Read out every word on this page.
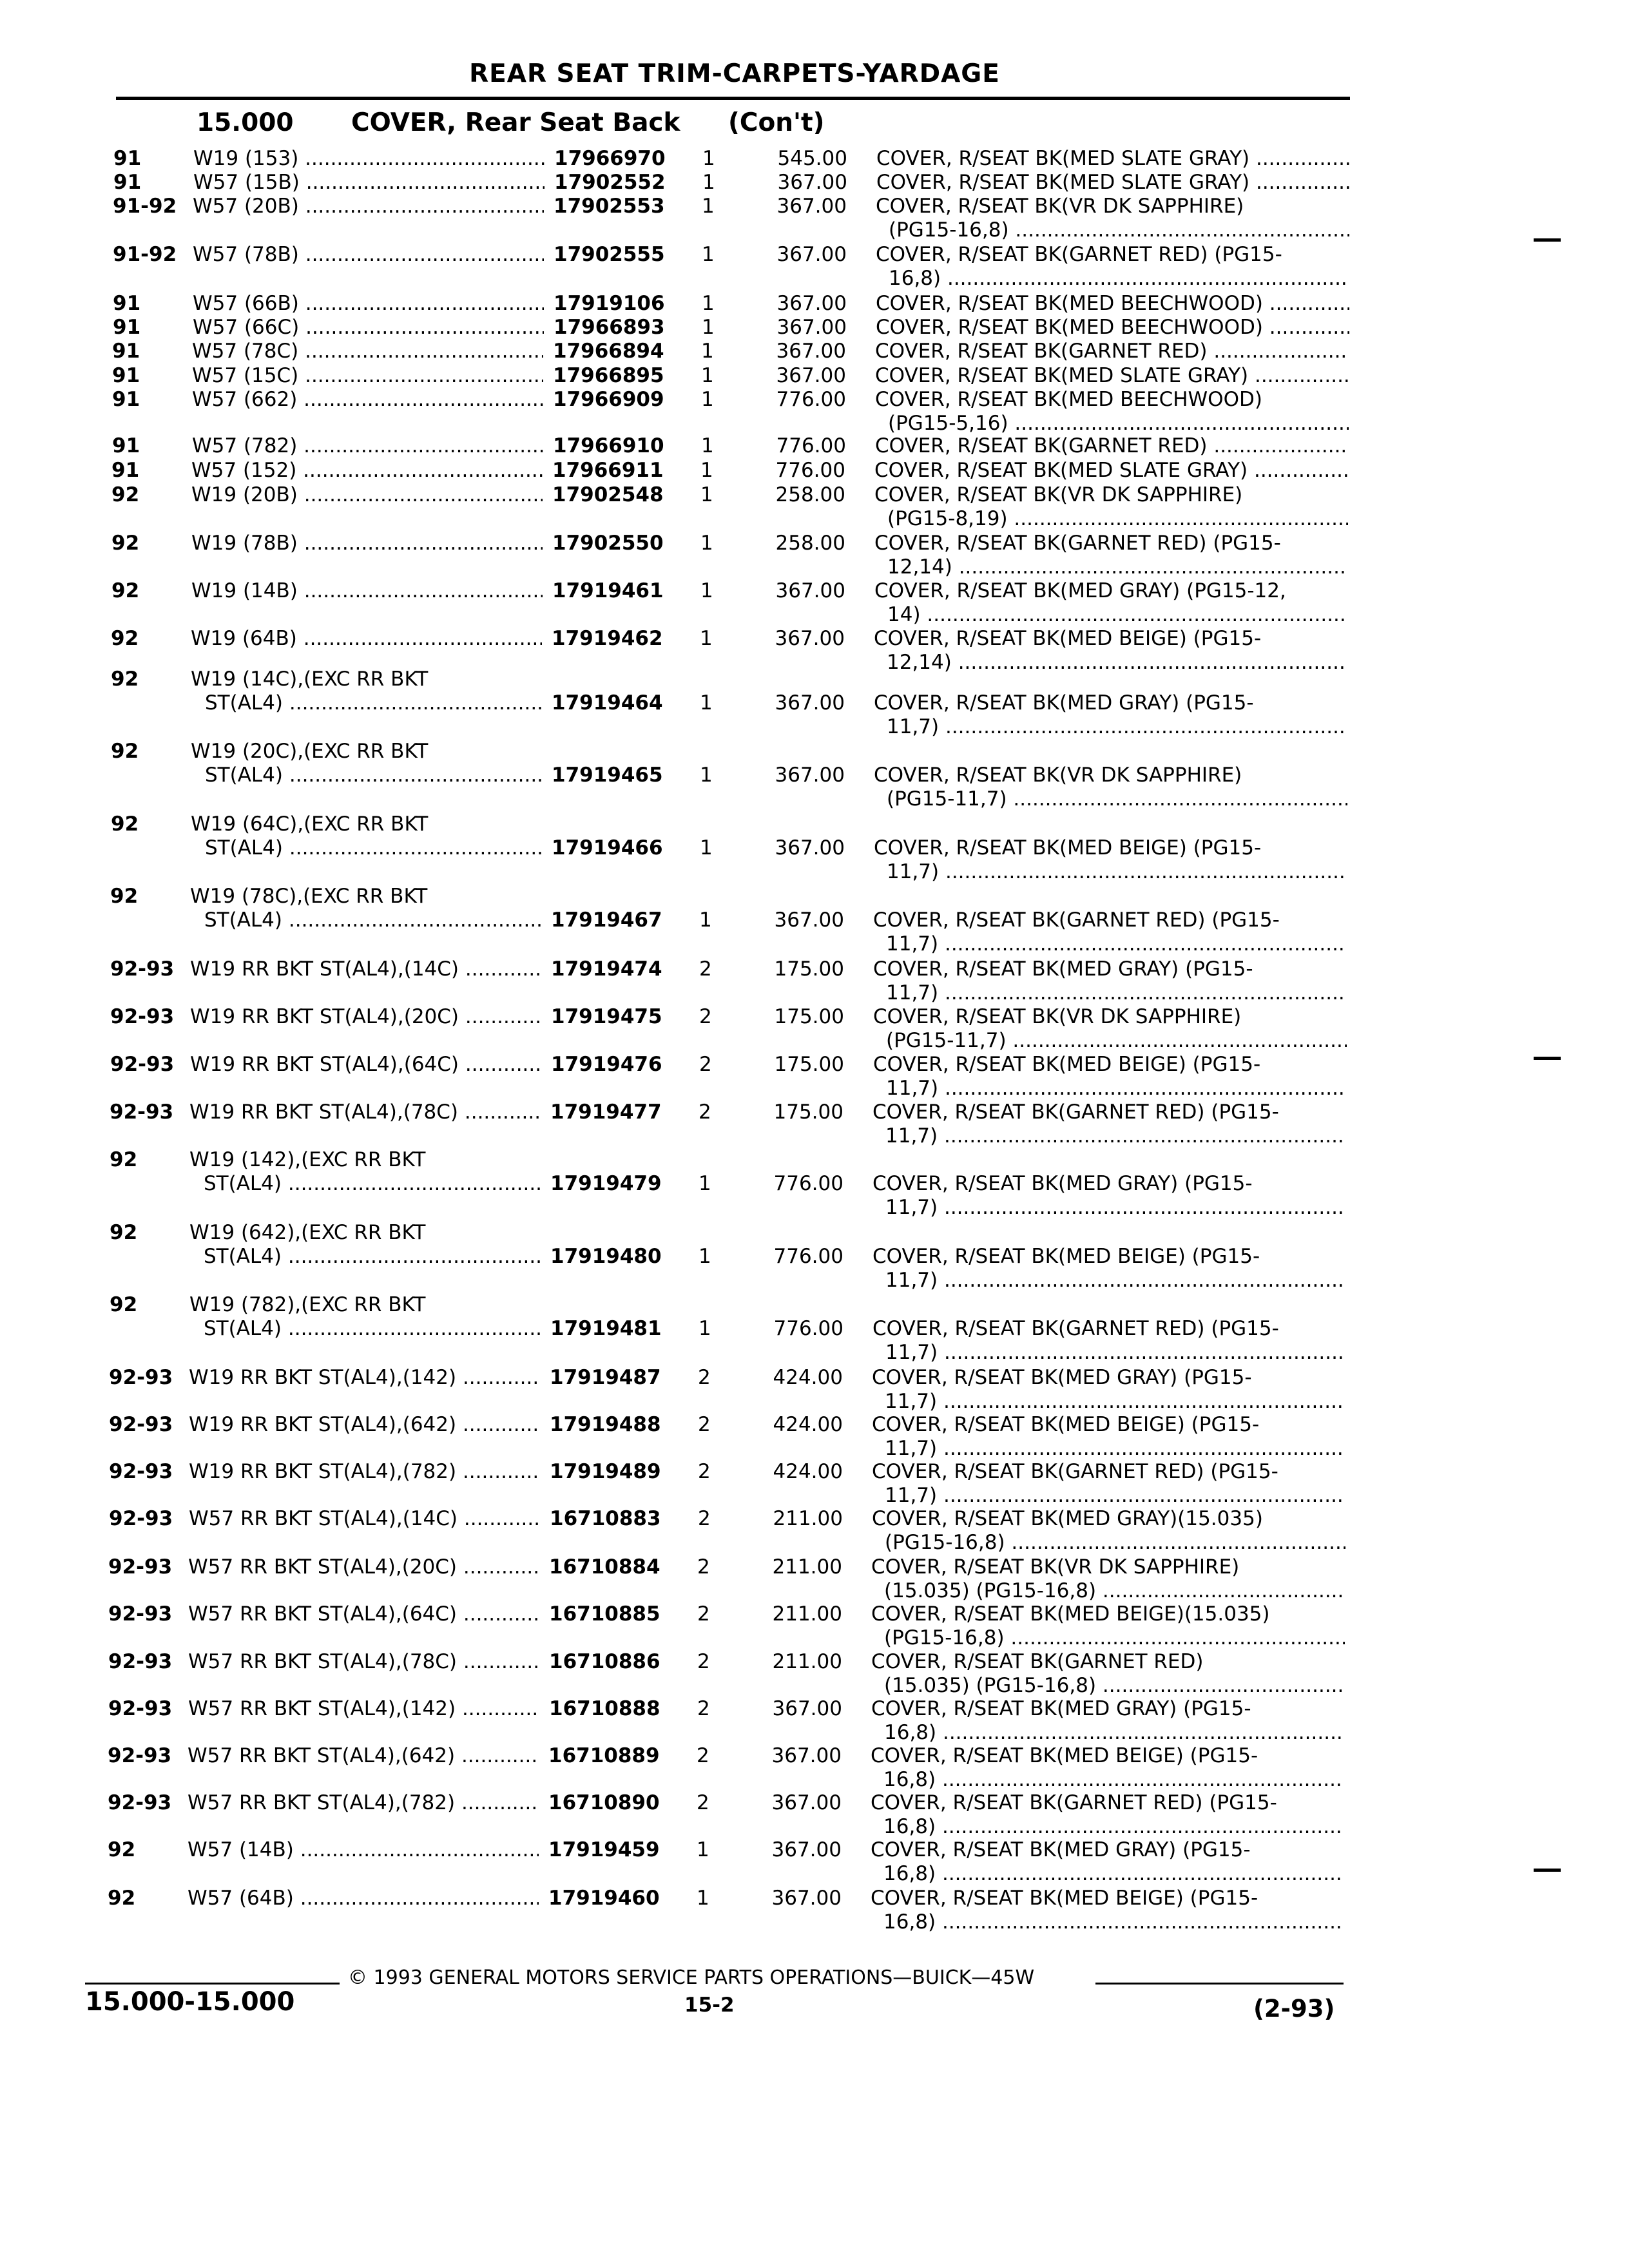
REAR SEAT TRIM-CARPETS-YARDAGE
15.000 COVER, Rear Seat Back (Con't)
91	W19 (153) .....	17966970 1	545.00 COVER, R/SEAT BK(MED SLATE GRAY) .....
91	W57 (15B) .....	17902552 1	367.00 COVER, R/SEAT BK(MED SLATE GRAY) .....
91-92 W57 (20B) .....	17902553 1	367.00 COVER, R/SEAT BK(VR DK SAPPHIRE)
(PG15-16,8) .....
91-92 W57 (78B) .....	17902555 1	367.00 COVER, R/SEAT BK(GARNET RED) (PG15-
16,8) .....
91	W57 (66B) .....	17919106 1	367.00 COVER, R/SEAT BK(MED BEECHWOOD) .....
91	W57 (66C) .....	17966893 1	367.00 COVER, R/SEAT BK(MED BEECHWOOD) .....
91	W57 (78C) .....	17966894 1	367.00 COVER, R/SEAT BK(GARNET RED) .....
91	W57 (15C) .....	17966895 1	367.00 COVER, R/SEAT BK(MED SLATE GRAY) .....
91	W57 (662) .....	17966909 1	776.00 COVER, R/SEAT BK(MED BEECHWOOD)
(PG15-5,16) .....
91	W57 (782) .....	17966910 1	776.00 COVER, R/SEAT BK(GARNET RED) .....
91	W57 (152) .....	17966911 1	776.00 COVER, R/SEAT BK(MED SLATE GRAY) .....
92	W19 (20B) .....	17902548 1	258.00 COVER, R/SEAT BK(VR DK SAPPHIRE)
(PG15-8,19) .....
92	W19 (78B) .....	17902550 1	258.00 COVER, R/SEAT BK(GARNET RED) (PG15-
12,14) .....
92	W19 (14B) .....	17919461 1	367.00 COVER, R/SEAT BK(MED GRAY) (PG15-12,
14) .....
92	W19 (64B) .....	17919462 1	367.00 COVER, R/SEAT BK(MED BEIGE) (PG15-
12,14) .....
92	W19 (14C),(EXC RR BKT
ST(AL4) .....	17919464 1	367.00 COVER, R/SEAT BK(MED GRAY) (PG15-
11,7) .....
92	W19 (20C),(EXC RR BKT
ST(AL4) .....	17919465 1	367.00 COVER, R/SEAT BK(VR DK SAPPHIRE)
(PG15-11,7) .....
92	W19 (64C),(EXC RR BKT
ST(AL4) .....	17919466 1	367.00 COVER, R/SEAT BK(MED BEIGE) (PG15-
11,7) .....
92	W19 (78C),(EXC RR BKT
ST(AL4) .....	17919467 1	367.00 COVER, R/SEAT BK(GARNET RED) (PG15-
11,7) .....
92-93 W19 RR BKT ST(AL4),(14C) .....	17919474 2	175.00 COVER, R/SEAT BK(MED GRAY) (PG15-
11,7) .....
92-93 W19 RR BKT ST(AL4),(20C) .....	17919475 2	175.00 COVER, R/SEAT BK(VR DK SAPPHIRE)
(PG15-11,7) .....
92-93 W19 RR BKT ST(AL4),(64C) .....	17919476 2	175.00 COVER, R/SEAT BK(MED BEIGE) (PG15-
11,7) .....
92-93 W19 RR BKT ST(AL4),(78C) .....	17919477 2	175.00 COVER, R/SEAT BK(GARNET RED) (PG15-
11,7) .....
92	W19 (142),(EXC RR BKT
ST(AL4) .....	17919479 1	776.00 COVER, R/SEAT BK(MED GRAY) (PG15-
11,7) .....
92	W19 (642),(EXC RR BKT
ST(AL4) .....	17919480 1	776.00 COVER, R/SEAT BK(MED BEIGE) (PG15-
11,7) .....
92	W19 (782),(EXC RR BKT
ST(AL4) .....	17919481 1	776.00 COVER, R/SEAT BK(GARNET RED) (PG15-
11,7) .....
92-93 W19 RR BKT ST(AL4),(142) .....	17919487 2	424.00 COVER, R/SEAT BK(MED GRAY) (PG15-
11,7) .....
92-93 W19 RR BKT ST(AL4),(642) .....	17919488 2	424.00 COVER, R/SEAT BK(MED BEIGE) (PG15-
11,7) .....
92-93 W19 RR BKT ST(AL4),(782) .....	17919489 2	424.00 COVER, R/SEAT BK(GARNET RED) (PG15-
11,7) .....
92-93 W57 RR BKT ST(AL4),(14C) .....	16710883 2	211.00 COVER, R/SEAT BK(MED GRAY)(15.035)
(PG15-16,8) .....
92-93 W57 RR BKT ST(AL4),(20C) .....	16710884 2	211.00 COVER, R/SEAT BK(VR DK SAPPHIRE)
(15.035) (PG15-16,8) .....
92-93 W57 RR BKT ST(AL4),(64C) .....	16710885 2	211.00 COVER, R/SEAT BK(MED BEIGE)(15.035)
(PG15-16,8) .....
92-93 W57 RR BKT ST(AL4),(78C) .....	16710886 2	211.00 COVER, R/SEAT BK(GARNET RED)
(15.035) (PG15-16,8) .....
92-93 W57 RR BKT ST(AL4),(142) .....	16710888 2	367.00 COVER, R/SEAT BK(MED GRAY) (PG15-
16,8) .....
92-93 W57 RR BKT ST(AL4),(642) .....	16710889 2	367.00 COVER, R/SEAT BK(MED BEIGE) (PG15-
16,8) .....
92-93 W57 RR BKT ST(AL4),(782) .....	16710890 2	367.00 COVER, R/SEAT BK(GARNET RED) (PG15-
16,8) .....
92	W57 (14B) .....	17919459 1	367.00 COVER, R/SEAT BK(MED GRAY) (PG15-
16,8) .....
92	W57 (64B) .....	17919460 1	367.00 COVER, R/SEAT BK(MED BEIGE) (PG15-
16,8) .....
© 1993 GENERAL MOTORS SERVICE PARTS OPERATIONS—BUICK—45W
15.000-15.000	15-2	(2-93)
